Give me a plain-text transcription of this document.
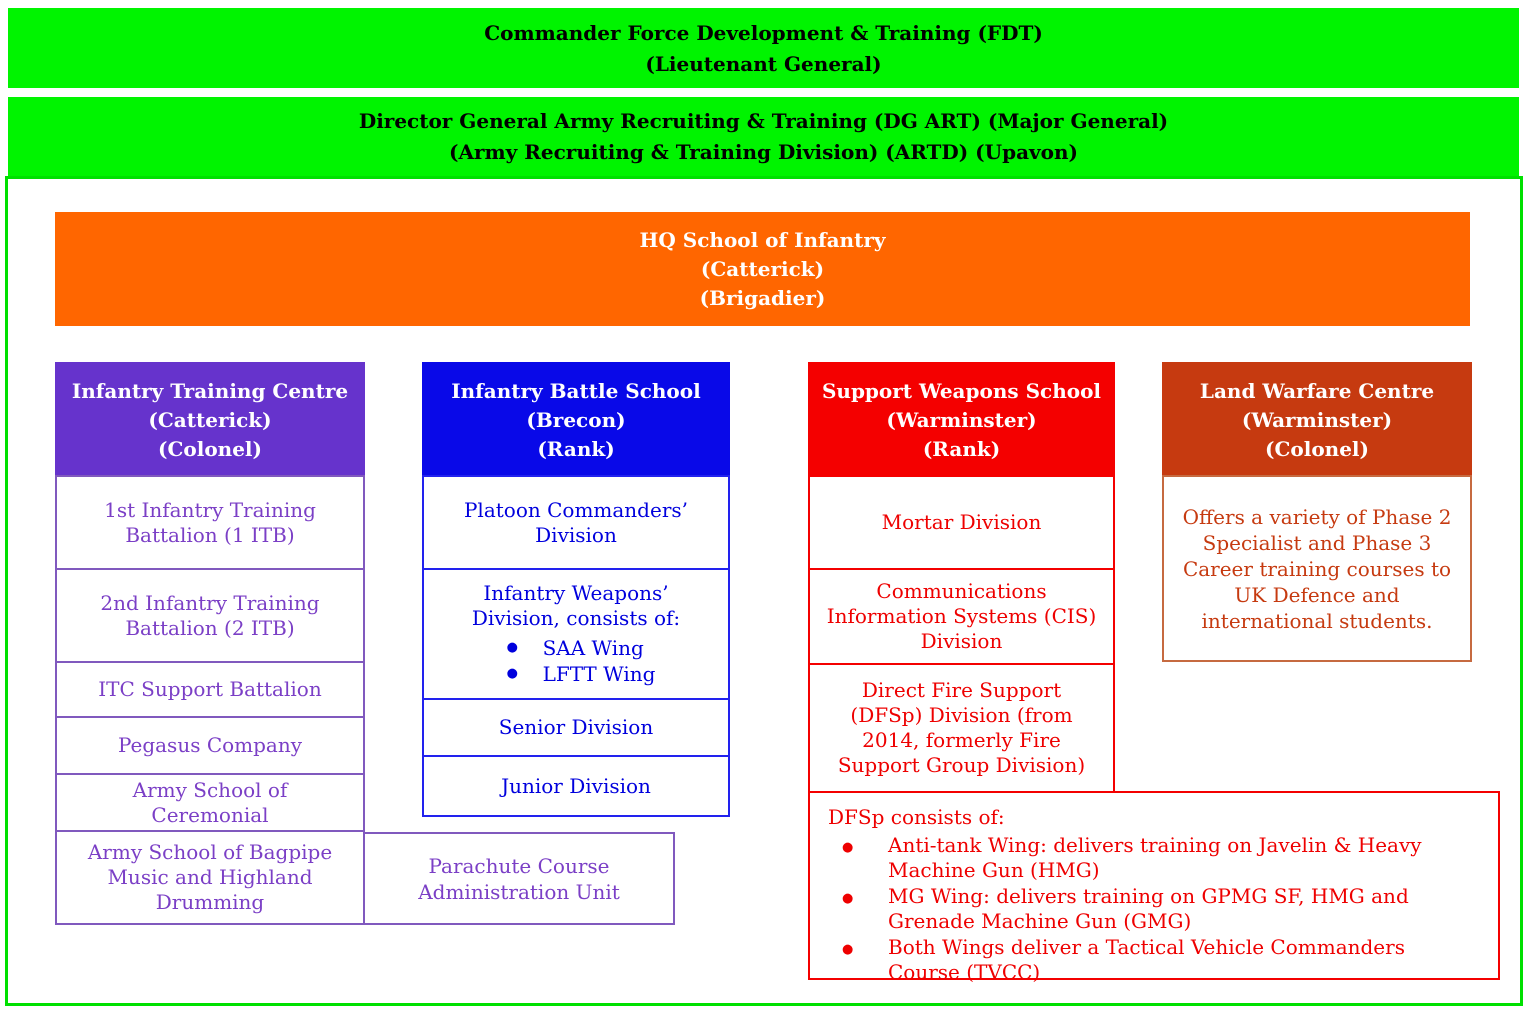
Commander Force Development & Training (FDT)
(Lieutenant General)
Director General Army Recruiting & Training (DG ART) (Major General)
(Army Recruiting & Training Division) (ARTD) (Upavon)
HQ School of Infantry
(Catterick)
(Brigadier)
Infantry Training Centre
(Catterick)
(Colonel)
1st Infantry Training Battalion (1 ITB)
2nd Infantry Training Battalion (2 ITB)
ITC Support Battalion
Pegasus Company
Army School of Ceremonial
Army School of Bagpipe Music and Highland Drumming
Infantry Battle School
(Brecon)
(Rank)
Platoon Commanders’ Division
Infantry Weapons’ Division, consists of:
● SAA Wing
● LFTT Wing
Senior Division
Junior Division
Support Weapons School
(Warminster)
(Rank)
Mortar Division
Communications Information Systems (CIS) Division
Direct Fire Support (DFSp) Division (from 2014, formerly Fire Support Group Division)
Land Warfare Centre
(Warminster)
(Colonel)
Offers a variety of Phase 2 Specialist and Phase 3 Career training courses to UK Defence and international students.
Parachute Course Administration Unit
DFSp consists of:
● Anti-tank Wing: delivers training on Javelin & Heavy Machine Gun (HMG)
● MG Wing: delivers training on GPMG SF, HMG and Grenade Machine Gun (GMG)
● Both Wings deliver a Tactical Vehicle Commanders Course (TVCC)
